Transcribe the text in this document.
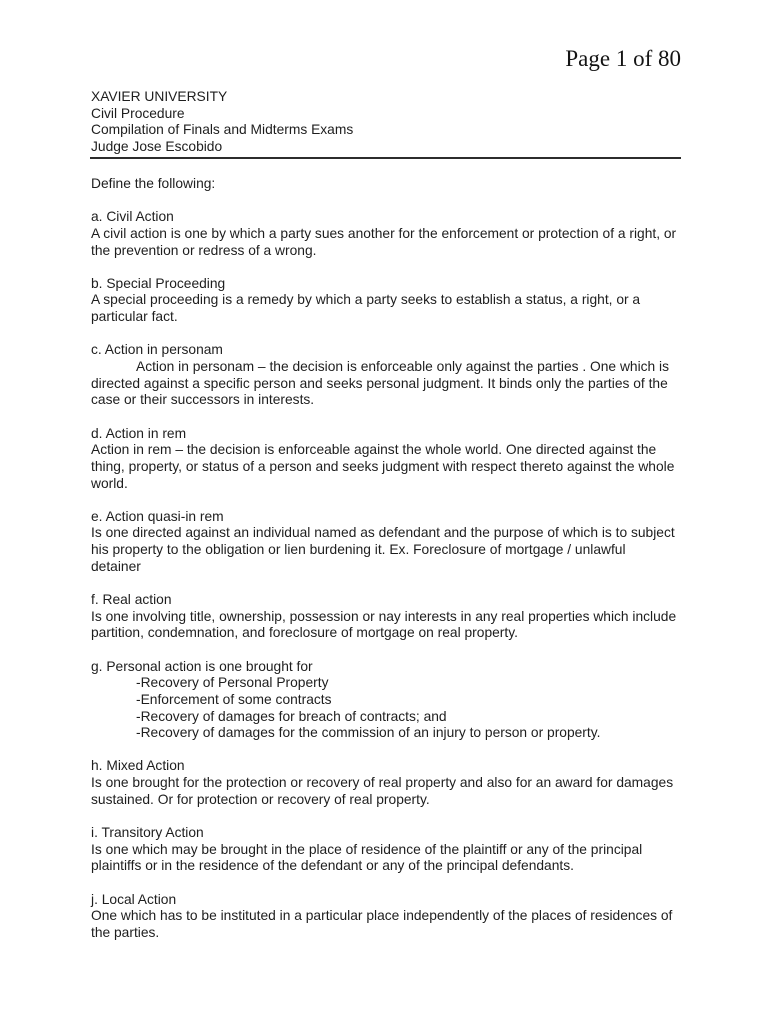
Page 1 of 80
XAVIER UNIVERSITY
Civil Procedure
Compilation of Finals and Midterms Exams
Judge Jose Escobido
Define the following:
a. Civil Action
A civil action is one by which a party sues another for the enforcement or protection of a right, or
the prevention or redress of a wrong.
b. Special Proceeding
A special proceeding is a remedy by which a party seeks to establish a status, a right, or a
particular fact.
c. Action in personam
Action in personam – the decision is enforceable only against the parties . One which is
directed against a specific person and seeks personal judgment. It binds only the parties of the
case or their successors in interests.
d. Action in rem
Action in rem – the decision is enforceable against the whole world. One directed against the
thing, property, or status of a person and seeks judgment with respect thereto against the whole
world.
e. Action quasi-in rem
Is one directed against an individual named as defendant and the purpose of which is to subject
his property to the obligation or lien burdening it. Ex. Foreclosure of mortgage / unlawful
detainer
f. Real action
Is one involving title, ownership, possession or nay interests in any real properties which include
partition, condemnation, and foreclosure of mortgage on real property.
g. Personal action is one brought for
-Recovery of Personal Property
-Enforcement of some contracts
-Recovery of damages for breach of contracts; and
-Recovery of damages for the commission of an injury to person or property.
h. Mixed Action
Is one brought for the protection or recovery of real property and also for an award for damages
sustained. Or for protection or recovery of real property.
i. Transitory Action
Is one which may be brought in the place of residence of the plaintiff or any of the principal
plaintiffs or in the residence of the defendant or any of the principal defendants.
j. Local Action
One which has to be instituted in a particular place independently of the places of residences of
the parties.
